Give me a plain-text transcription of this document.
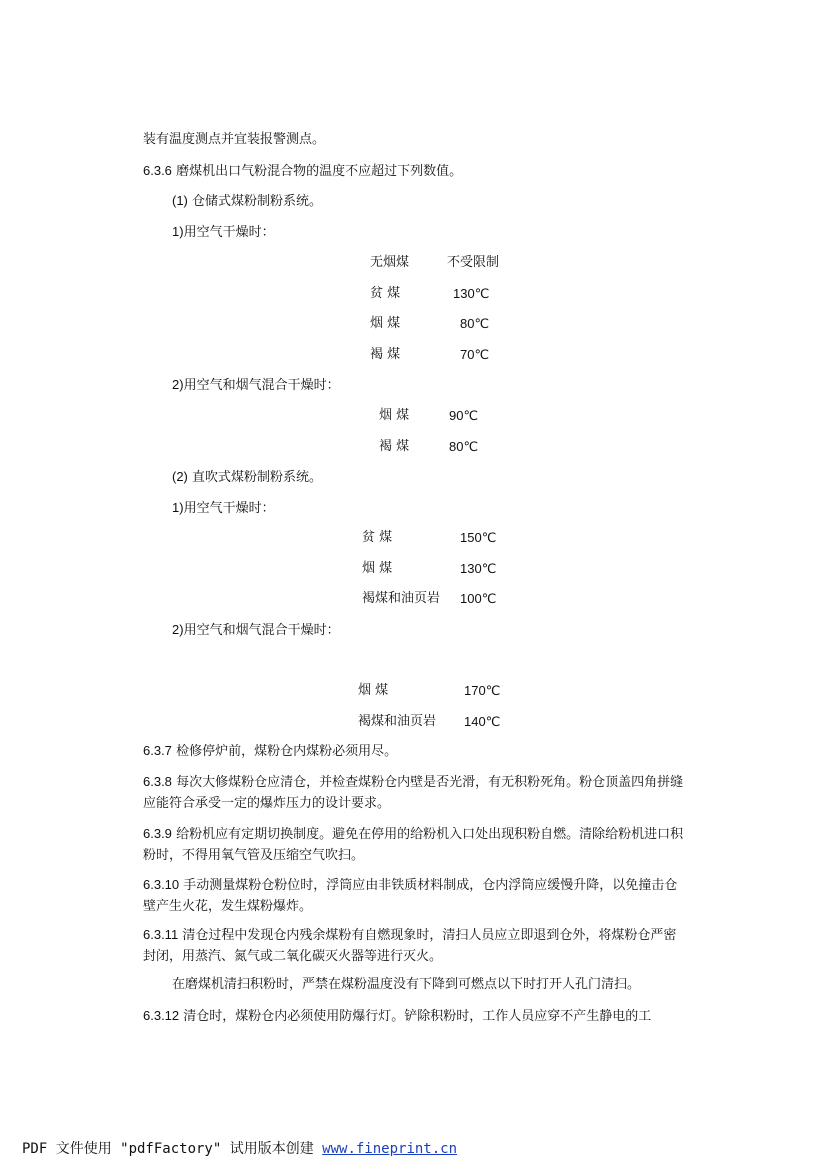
装有温度测点并宜装报警测点。
6.3.6 磨煤机出口气粉混合物的温度不应超过下列数值。
(1) 仓储式煤粉制粉系统。
1)用空气干燥时：
无烟煤	不受限制
贫 煤	130℃
烟 煤	80℃
褐 煤	70℃
2)用空气和烟气混合干燥时：
烟 煤	90℃
褐 煤	80℃
(2) 直吹式煤粉制粉系统。
1)用空气干燥时：
贫 煤	150℃
烟 煤	130℃
褐煤和油页岩 100℃
2)用空气和烟气混合干燥时：
烟 煤	170℃
褐煤和油页岩 140℃
6.3.7 检修停炉前，煤粉仓内煤粉必须用尽。
6.3.8 每次大修煤粉仓应清仓，并检查煤粉仓内壁是否光滑，有无积粉死角。粉仓顶盖四角拼缝应能符合承受一定的爆炸压力的设计要求。
6.3.9 给粉机应有定期切换制度。避免在停用的给粉机入口处出现积粉自燃。清除给粉机进口积粉时，不得用氧气管及压缩空气吹扫。
6.3.10 手动测量煤粉仓粉位时，浮筒应由非铁质材料制成，仓内浮筒应缓慢升降，以免撞击仓壁产生火花，发生煤粉爆炸。
6.3.11 清仓过程中发现仓内残余煤粉有自燃现象时，清扫人员应立即退到仓外，将煤粉仓严密封闭，用蒸汽、氮气或二氧化碳灭火器等进行灭火。
在磨煤机清扫积粉时，严禁在煤粉温度没有下降到可燃点以下时打开人孔门清扫。
6.3.12 清仓时，煤粉仓内必须使用防爆行灯。铲除积粉时，工作人员应穿不产生静电的工
PDF 文件使用 "pdfFactory" 试用版本创建 www.fineprint.cn
